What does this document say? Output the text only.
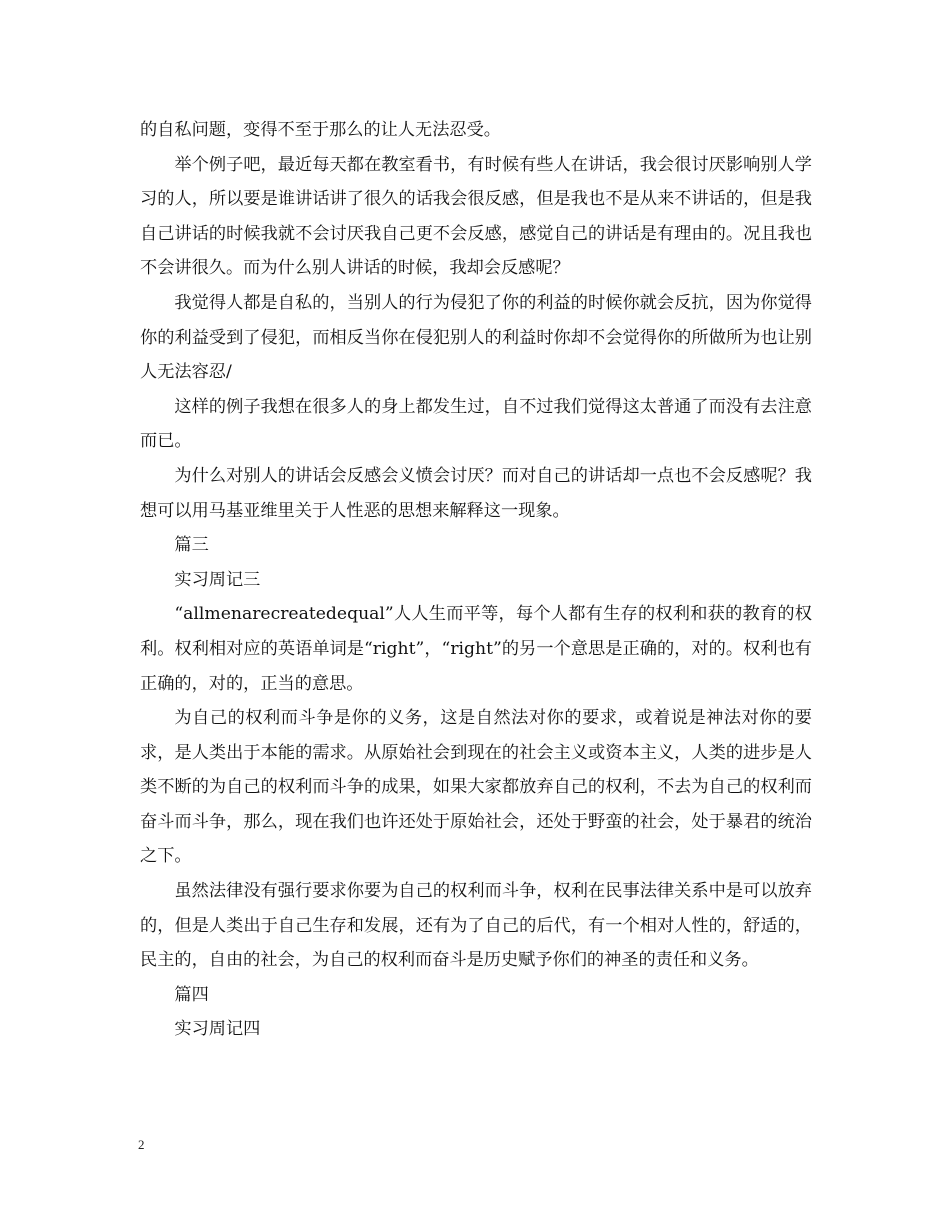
的自私问题，变得不至于那么的让人无法忍受。

举个例子吧，最近每天都在教室看书，有时候有些人在讲话，我会很讨厌影响别人学习的人，所以要是谁讲话讲了很久的话我会很反感，但是我也不是从来不讲话的，但是我自己讲话的时候我就不会讨厌我自己更不会反感，感觉自己的讲话是有理由的。况且我也不会讲很久。而为什么别人讲话的时候，我却会反感呢？

我觉得人都是自私的，当别人的行为侵犯了你的利益的时候你就会反抗，因为你觉得你的利益受到了侵犯，而相反当你在侵犯别人的利益时你却不会觉得你的所做所为也让别人无法容忍/

这样的例子我想在很多人的身上都发生过，自不过我们觉得这太普通了而没有去注意而已。

为什么对别人的讲话会反感会义愤会讨厌？而对自己的讲话却一点也不会反感呢？我想可以用马基亚维里关于人性恶的思想来解释这一现象。

篇三

实习周记三

“allmenarecreatedequal”人人生而平等，每个人都有生存的权利和获的教育的权利。权利相对应的英语单词是“right”，“right”的另一个意思是正确的，对的。权利也有正确的，对的，正当的意思。

为自己的权利而斗争是你的义务，这是自然法对你的要求，或着说是神法对你的要求，是人类出于本能的需求。从原始社会到现在的社会主义或资本主义，人类的进步是人类不断的为自己的权利而斗争的成果，如果大家都放弃自己的权利，不去为自己的权利而奋斗而斗争，那么，现在我们也许还处于原始社会，还处于野蛮的社会，处于暴君的统治之下。

虽然法律没有强行要求你要为自己的权利而斗争，权利在民事法律关系中是可以放弃的，但是人类出于自己生存和发展，还有为了自己的后代，有一个相对人性的，舒适的，民主的，自由的社会，为自己的权利而奋斗是历史赋予你们的神圣的责任和义务。

篇四

实习周记四

2
